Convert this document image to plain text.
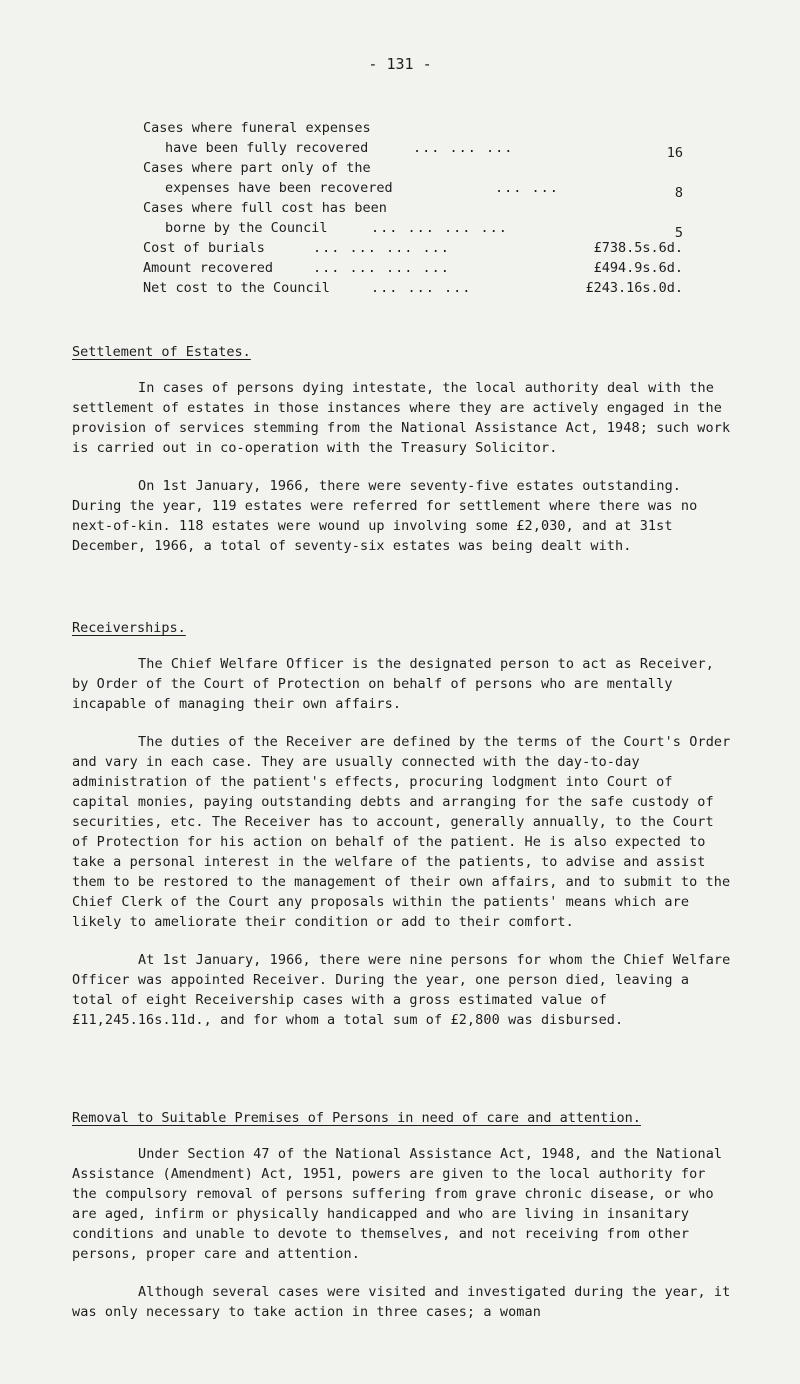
- 131 -
Cases where funeral expenses
have been fully recovered	... ... ...	16
Cases where part only of the
expenses have been recovered	... ...	8
Cases where full cost has been
borne by the Council	... ... ... ...	5
Cost of burials	... ... ... ...	£738.5s.6d.
Amount recovered	... ... ... ...	£494.9s.6d.
Net cost to the Council	... ... ...	£243.16s.0d.
Settlement of Estates.

In cases of persons dying intestate, the local authority deal with the settlement of estates in those instances where they are actively engaged in the provision of services stemming from the National Assistance Act, 1948; such work is carried out in co-operation with the Treasury Solicitor.

On 1st January, 1966, there were seventy-five estates outstanding. During the year, 119 estates were referred for settlement where there was no next-of-kin. 118 estates were wound up involving some £2,030, and at 31st December, 1966, a total of seventy-six estates was being dealt with.

Receiverships.

The Chief Welfare Officer is the designated person to act as Receiver, by Order of the Court of Protection on behalf of persons who are mentally incapable of managing their own affairs.

The duties of the Receiver are defined by the terms of the Court's Order and vary in each case. They are usually connected with the day-to-day administration of the patient's effects, procuring lodgment into Court of capital monies, paying outstanding debts and arranging for the safe custody of securities, etc. The Receiver has to account, generally annually, to the Court of Protection for his action on behalf of the patient. He is also expected to take a personal interest in the welfare of the patients, to advise and assist them to be restored to the management of their own affairs, and to submit to the Chief Clerk of the Court any proposals within the patients' means which are likely to ameliorate their condition or add to their comfort.

At 1st January, 1966, there were nine persons for whom the Chief Welfare Officer was appointed Receiver. During the year, one person died, leaving a total of eight Receivership cases with a gross estimated value of £11,245.16s.11d., and for whom a total sum of £2,800 was disbursed.

Removal to Suitable Premises of Persons in need of care and attention.

Under Section 47 of the National Assistance Act, 1948, and the National Assistance (Amendment) Act, 1951, powers are given to the local authority for the compulsory removal of persons suffering from grave chronic disease, or who are aged, infirm or physically handicapped and who are living in insanitary conditions and unable to devote to themselves, and not receiving from other persons, proper care and attention.

Although several cases were visited and investigated during the year, it was only necessary to take action in three cases; a woman
